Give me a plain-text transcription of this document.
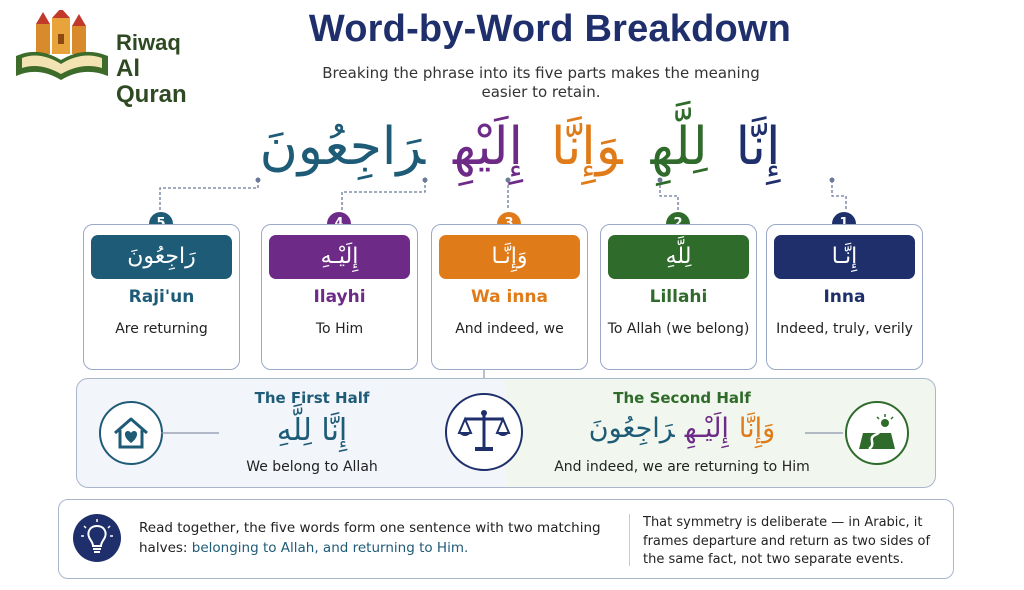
Riwaq
Al Quran
Word-by-Word Breakdown
Breaking the phrase into its five parts makes the meaning easier to retain.
إِنَّالِلَّهِوَإِنَّاإِلَيْهِرَاجِعُونَ
رَاجِعُونَ
Raji'un
Are returning
إِلَيْـهِ
Ilayhi
To Him
وَإِنَّـا
Wa inna
And indeed, we
لِلَّهِ
Lillahi
To Allah (we belong)
إِنَّـا
Inna
Indeed, truly, verily
The First Half
إِنَّا لِلَّهِ
We belong to Allah
The Second Half
وَإِنَّاإِلَيْـهِرَاجِعُونَ
And indeed, we are returning to Him
Read together, the five words form one sentence with two matching halves: belonging to Allah, and returning to Him.
That symmetry is deliberate — in Arabic, it frames departure and return as two sides of the same fact, not two separate events.
